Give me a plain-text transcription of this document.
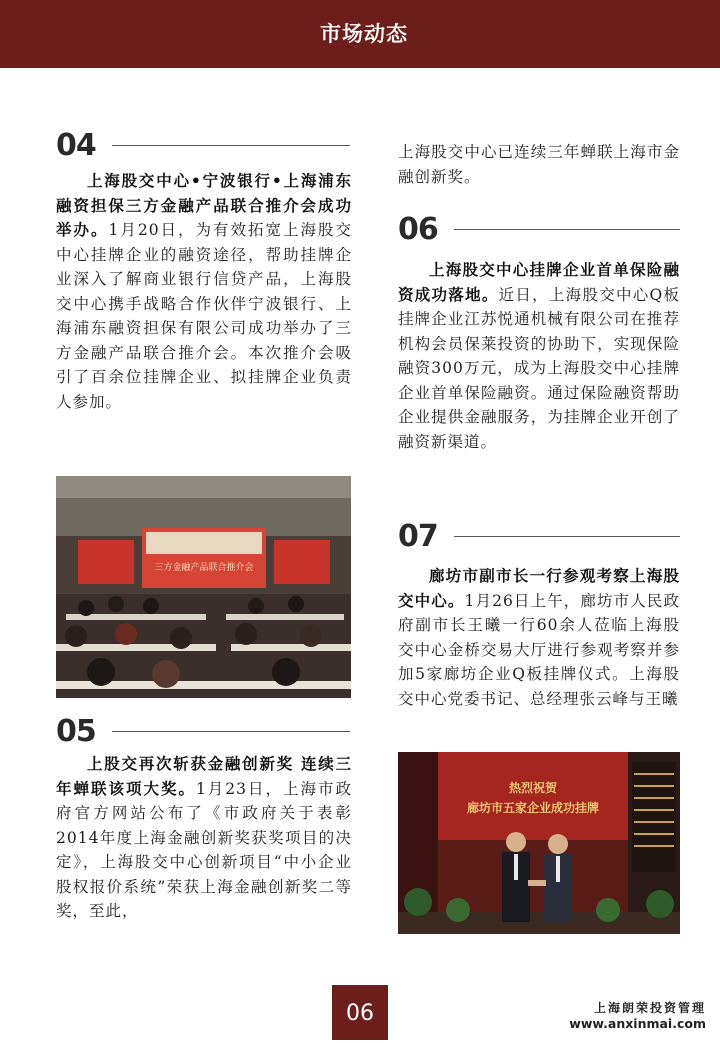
市场动态
04

上海股交中心•宁波银行•上海浦东融资担保三方金融产品联合推介会成功举办。1月20日，为有效拓宽上海股交中心挂牌企业的融资途径，帮助挂牌企业深入了解商业银行信贷产品，上海股交中心携手战略合作伙伴宁波银行、上海浦东融资担保有限公司成功举办了三方金融产品联合推介会。本次推介会吸引了百余位挂牌企业、拟挂牌企业负责人参加。

三方金融产品联合推介会
05

上股交再次斩获金融创新奖 连续三年蝉联该项大奖。1月23日，上海市政府官方网站公布了《市政府关于表彰2014年度上海金融创新奖获奖项目的决定》，上海股交中心创新项目“中小企业股权报价系统”荣获上海金融创新奖二等奖，至此，

上海股交中心已连续三年蝉联上海市金融创新奖。

06

上海股交中心挂牌企业首单保险融资成功落地。近日，上海股交中心Q板挂牌企业江苏悦通机械有限公司在推荐机构会员保莱投资的协助下，实现保险融资300万元，成为上海股交中心挂牌企业首单保险融资。通过保险融资帮助企业提供金融服务，为挂牌企业开创了融资新渠道。

07

廊坊市副市长一行参观考察上海股交中心。1月26日上午，廊坊市人民政府副市长王曦一行60余人莅临上海股交中心金桥交易大厅进行参观考察并参加5家廊坊企业Q板挂牌仪式。上海股交中心党委书记、总经理张云峰与王曦

热烈祝贺
廊坊市五家企业成功挂牌
06	上海朗荣投资管理
www.anxinmai.com
